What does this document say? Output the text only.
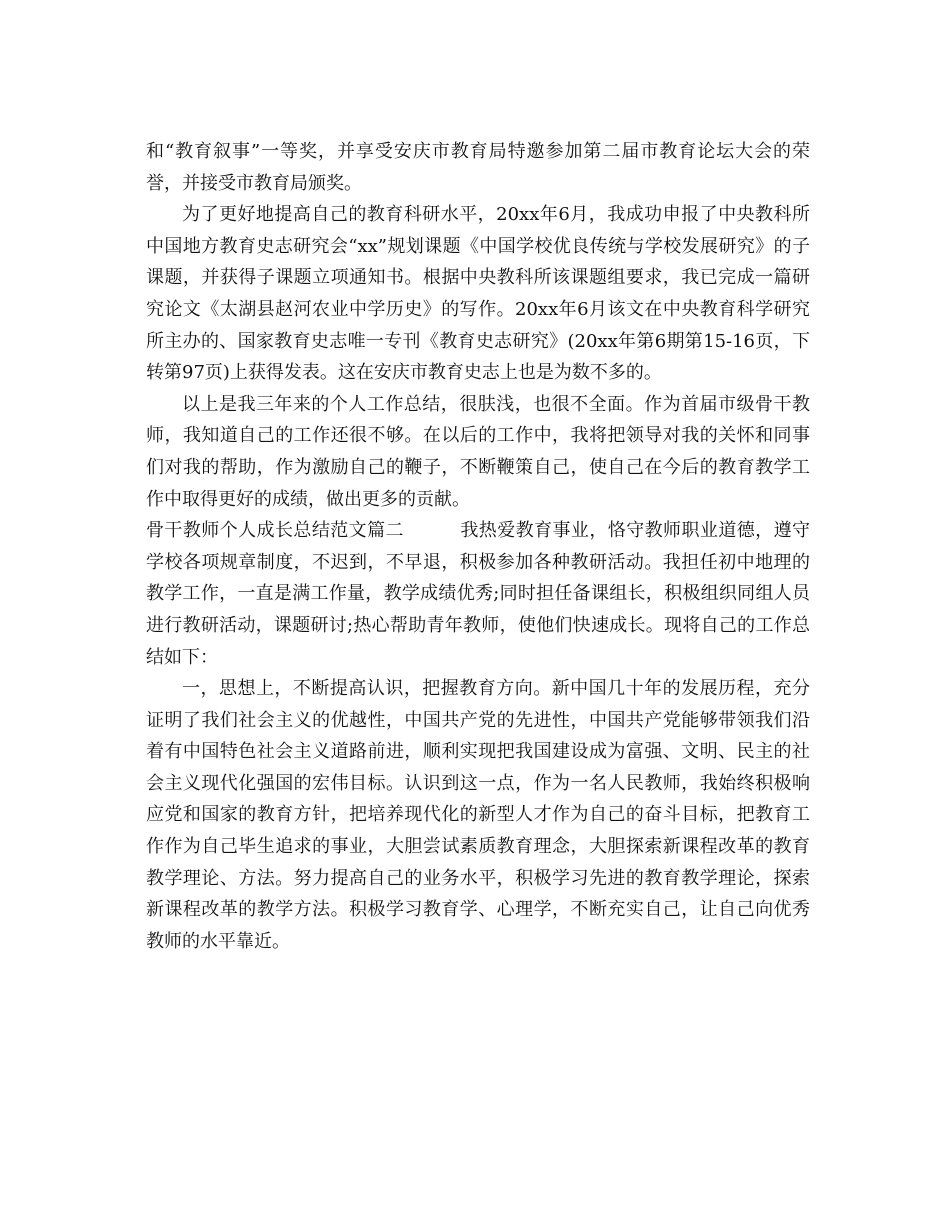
和“教育叙事”一等奖，并享受安庆市教育局特邀参加第二届市教育论坛大会的荣誉，并接受市教育局颁奖。

为了更好地提高自己的教育科研水平，20xx年6月，我成功申报了中央教科所中国地方教育史志研究会“xx”规划课题《中国学校优良传统与学校发展研究》的子课题，并获得子课题立项通知书。根据中央教科所该课题组要求，我已完成一篇研究论文《太湖县赵河农业中学历史》的写作。20xx年6月该文在中央教育科学研究所主办的、国家教育史志唯一专刊《教育史志研究》(20xx年第6期第15-16页，下转第97页)上获得发表。这在安庆市教育史志上也是为数不多的。

以上是我三年来的个人工作总结，很肤浅，也很不全面。作为首届市级骨干教师，我知道自己的工作还很不够。在以后的工作中，我将把领导对我的关怀和同事们对我的帮助，作为激励自己的鞭子，不断鞭策自己，使自己在今后的教育教学工作中取得更好的成绩，做出更多的贡献。

骨干教师个人成长总结范文篇二	我热爱教育事业，恪守教师职业道德，遵守学校各项规章制度，不迟到，不早退，积极参加各种教研活动。我担任初中地理的教学工作，一直是满工作量，教学成绩优秀;同时担任备课组长，积极组织同组人员进行教研活动，课题研讨;热心帮助青年教师，使他们快速成长。现将自己的工作总结如下：

一，思想上，不断提高认识，把握教育方向。新中国几十年的发展历程，充分证明了我们社会主义的优越性，中国共产党的先进性，中国共产党能够带领我们沿着有中国特色社会主义道路前进，顺利实现把我国建设成为富强、文明、民主的社会主义现代化强国的宏伟目标。认识到这一点，作为一名人民教师，我始终积极响应党和国家的教育方针，把培养现代化的新型人才作为自己的奋斗目标，把教育工作作为自己毕生追求的事业，大胆尝试素质教育理念，大胆探索新课程改革的教育教学理论、方法。努力提高自己的业务水平，积极学习先进的教育教学理论，探索新课程改革的教学方法。积极学习教育学、心理学，不断充实自己，让自己向优秀教师的水平靠近。
